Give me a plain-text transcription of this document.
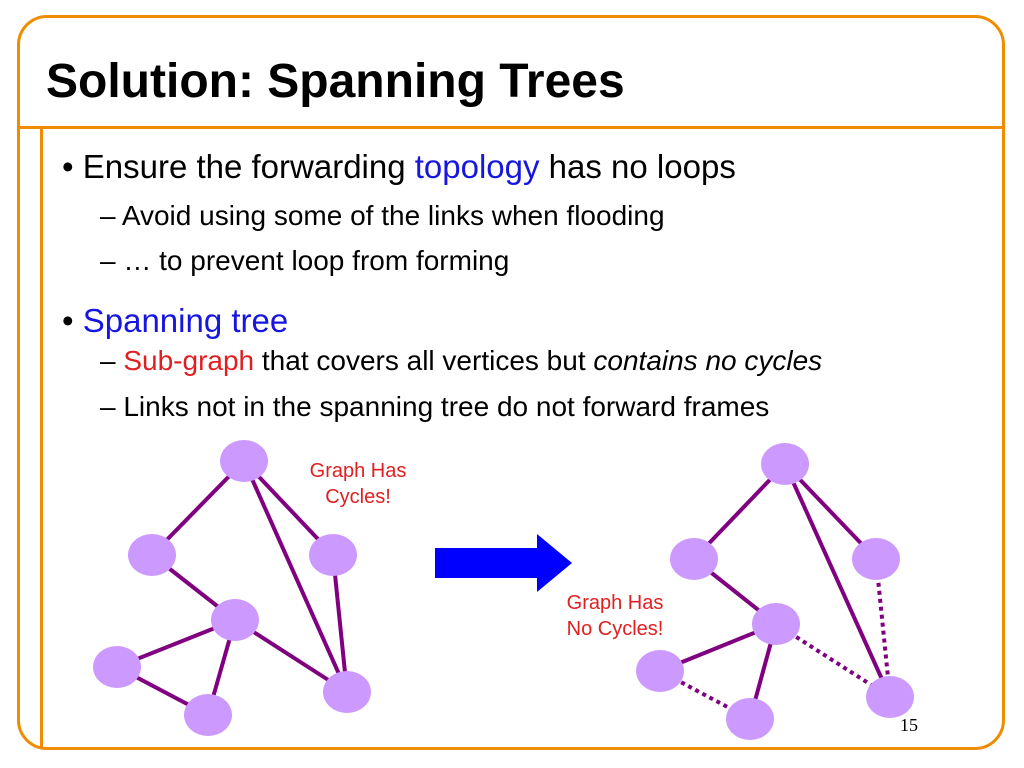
Solution: Spanning Trees
• Ensure the forwarding topology has no loops
– Avoid using some of the links when flooding
– … to prevent loop from forming
• Spanning tree
– Sub-graph that covers all vertices but contains no cycles
– Links not in the spanning tree do not forward frames
Graph Has
Cycles!
Graph Has
No Cycles!
15
